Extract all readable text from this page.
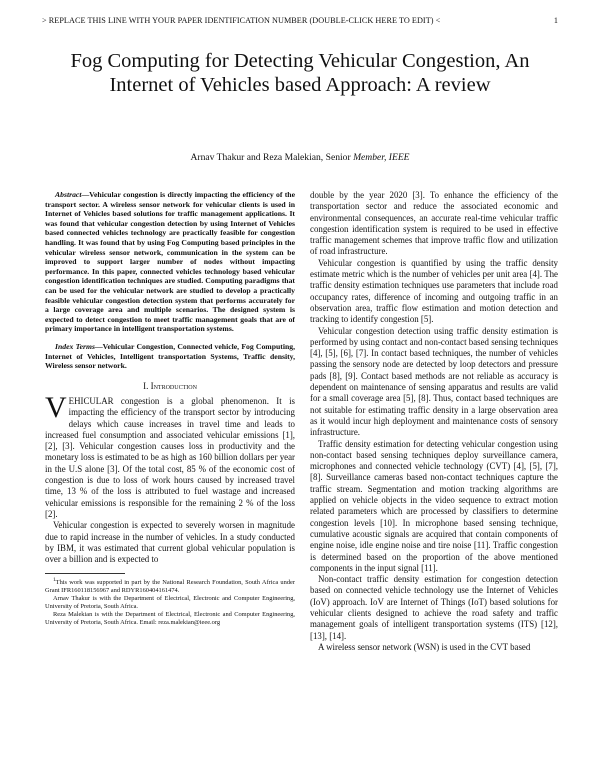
> REPLACE THIS LINE WITH YOUR PAPER IDENTIFICATION NUMBER (DOUBLE-CLICK HERE TO EDIT) <	1
Fog Computing for Detecting Vehicular Congestion, An Internet of Vehicles based Approach: A review
Arnav Thakur and Reza Malekian, Senior Member, IEEE

Abstract—Vehicular congestion is directly impacting the efficiency of the transport sector. A wireless sensor network for vehicular clients is used in Internet of Vehicles based solutions for traffic management applications. It was found that vehicular congestion detection by using Internet of Vehicles based connected vehicles technology are practically feasible for congestion handling. It was found that by using Fog Computing based principles in the vehicular wireless sensor network, communication in the system can be improved to support larger number of nodes without impacting performance. In this paper, connected vehicles technology based vehicular congestion identification techniques are studied. Computing paradigms that can be used for the vehicular network are studied to develop a practically feasible vehicular congestion detection system that performs accurately for a large coverage area and multiple scenarios. The designed system is expected to detect congestion to meet traffic management goals that are of primary importance in intelligent transportation systems.

Index Terms—Vehicular Congestion, Connected vehicle, Fog Computing, Internet of Vehicles, Intelligent transportation Systems, Traffic density, Wireless sensor network.

I. Introduction

VEHICULAR congestion is a global phenomenon. It is impacting the efficiency of the transport sector by introducing delays which cause increases in travel time and leads to increased fuel consumption and associated vehicular emissions [1], [2], [3]. Vehicular congestion causes loss in productivity and the monetary loss is estimated to be as high as 160 billion dollars per year in the U.S alone [3]. Of the total cost, 85 % of the economic cost of congestion is due to loss of work hours caused by increased travel time, 13 % of the loss is attributed to fuel wastage and increased vehicular emissions is responsible for the remaining 2 % of the loss [2].

Vehicular congestion is expected to severely worsen in magnitude due to rapid increase in the number of vehicles. In a study conducted by IBM, it was estimated that current global vehicular population is over a billion and is expected to

$^1$This work was supported in part by the National Research Foundation, South Africa under Grant IFR160118156967 and RDYR160404161474.

Arnav Thakur is with the Department of Electrical, Electronic and Computer Engineering, University of Pretoria, South Africa.

Reza Malekian is with the Department of Electrical, Electronic and Computer Engineering, University of Pretoria, South Africa. Email: reza.malekian@ieee.org

double by the year 2020 [3]. To enhance the efficiency of the transportation sector and reduce the associated economic and environmental consequences, an accurate real-time vehicular traffic congestion identification system is required to be used in effective traffic management schemes that improve traffic flow and utilization of road infrastructure.

Vehicular congestion is quantified by using the traffic density estimate metric which is the number of vehicles per unit area [4]. The traffic density estimation techniques use parameters that include road occupancy rates, difference of incoming and outgoing traffic in an observation area, traffic flow estimation and motion detection and tracking to identify congestion [5].

Vehicular congestion detection using traffic density estimation is performed by using contact and non-contact based sensing techniques [4], [5], [6], [7]. In contact based techniques, the number of vehicles passing the sensory node are detected by loop detectors and pressure pads [8], [9]. Contact based methods are not reliable as accuracy is dependent on maintenance of sensing apparatus and results are valid for a small coverage area [5], [8]. Thus, contact based techniques are not suitable for estimating traffic density in a large observation area as it would incur high deployment and maintenance costs of sensory infrastructure.

Traffic density estimation for detecting vehicular congestion using non-contact based sensing techniques deploy surveillance camera, microphones and connected vehicle technology (CVT) [4], [5], [7], [8]. Surveillance cameras based non-contact techniques capture the traffic stream. Segmentation and motion tracking algorithms are applied on vehicle objects in the video sequence to extract motion related parameters which are processed by classifiers to determine congestion levels [10]. In microphone based sensing technique, cumulative acoustic signals are acquired that contain components of engine noise, idle engine noise and tire noise [11]. Traffic congestion is determined based on the proportion of the above mentioned components in the input signal [11].

Non-contact traffic density estimation for congestion detection based on connected vehicle technology use the Internet of Vehicles (IoV) approach. IoV are Internet of Things (IoT) based solutions for vehicular clients designed to achieve the road safety and traffic management goals of intelligent transportation systems (ITS) [12], [13], [14].

A wireless sensor network (WSN) is used in the CVT based
